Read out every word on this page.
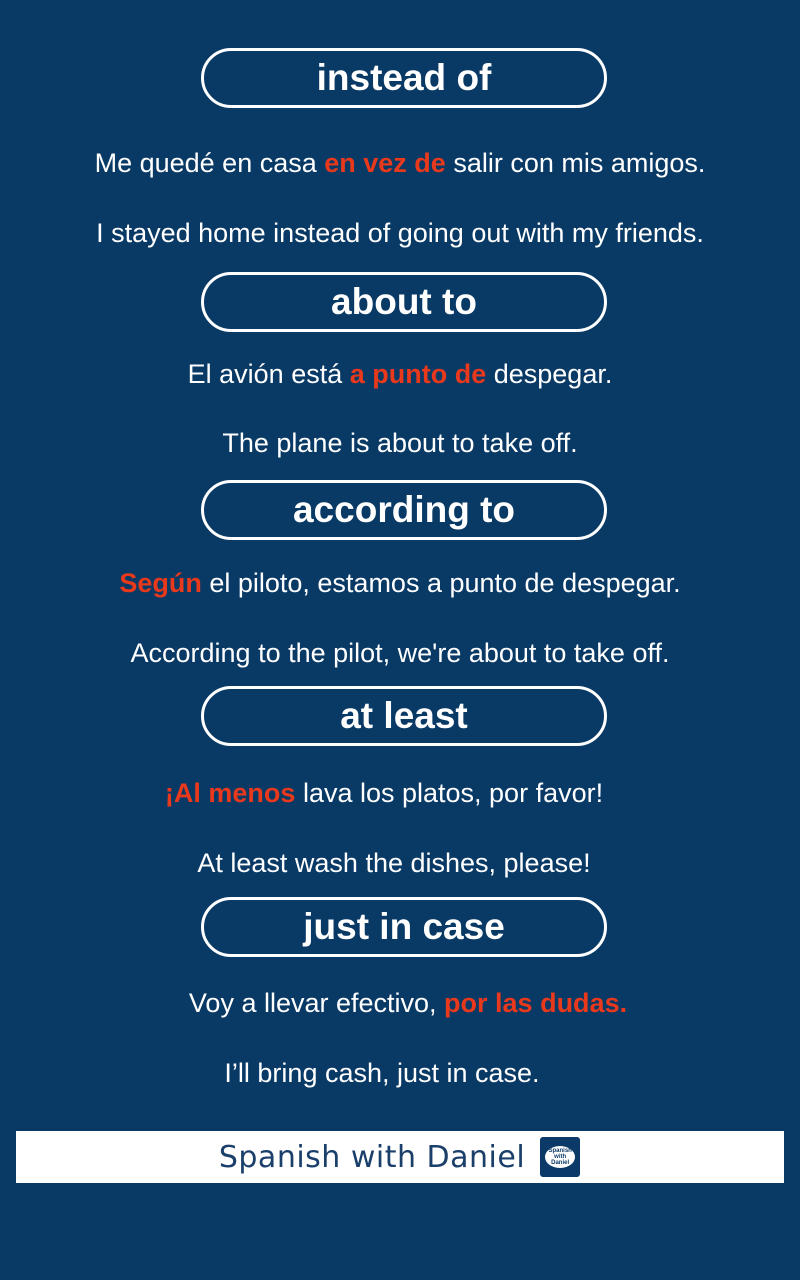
instead of
Me quedé en casa en vez de salir con mis amigos.
I stayed home instead of going out with my friends.
about to
El avión está a punto de despegar.
The plane is about to take off.
according to
Según el piloto, estamos a punto de despegar.
According to the pilot, we're about to take off.
at least
¡Al menos lava los platos, por favor!
At least wash the dishes, please!
just in case
Voy a llevar efectivo, por las dudas.
I’ll bring cash, just in case.
Spanish with Daniel	Spanish with Daniel
